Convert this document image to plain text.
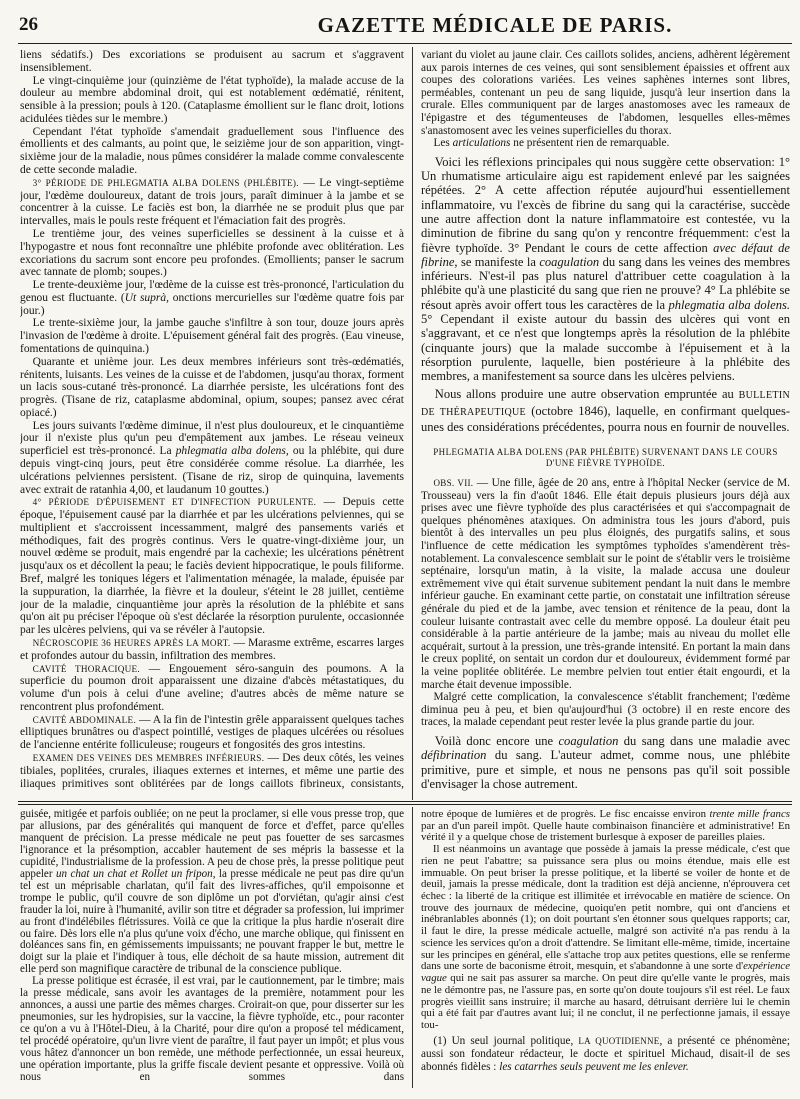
26	GAZETTE MÉDICALE DE PARIS.

liens sédatifs.) Des excoriations se produisent au sacrum et s'aggravent insensiblement.

Le vingt-cinquième jour (quinzième de l'état typhoïde), la malade accuse de la douleur au membre abdominal droit, qui est notablement œdématié, rénitent, sensible à la pression; pouls à 120. (Cataplasme émollient sur le flanc droit, lotions acidulées tièdes sur le membre.)

Cependant l'état typhoïde s'amendait graduellement sous l'influence des émollients et des calmants, au point que, le seizième jour de son apparition, vingt-sixième jour de la maladie, nous pûmes considérer la malade comme convalescente de cette seconde maladie.

3° PÉRIODE DE PHLEGMATIA ALBA DOLENS (PHLÉBITE). — Le vingt-septième jour, l'œdème douloureux, datant de trois jours, paraît diminuer à la jambe et se concentrer à la cuisse. Le faciès est bon, la diarrhée ne se produit plus que par intervalles, mais le pouls reste fréquent et l'émaciation fait des progrès.

Le trentième jour, des veines superficielles se dessinent à la cuisse et à l'hypogastre et nous font reconnaître une phlébite profonde avec oblitération. Les excoriations du sacrum sont encore peu profondes. (Emollients; panser le sacrum avec tannate de plomb; soupes.)

Le trente-deuxième jour, l'œdème de la cuisse est très-prononcé, l'articulation du genou est fluctuante. (Ut suprà, onctions mercurielles sur l'œdème quatre fois par jour.)

Le trente-sixième jour, la jambe gauche s'infiltre à son tour, douze jours après l'invasion de l'œdème à droite. L'épuisement général fait des progrès. (Eau vineuse, fomentations de quinquina.)

Quarante et unième jour. Les deux membres inférieurs sont très-œdématiés, rénitents, luisants. Les veines de la cuisse et de l'abdomen, jusqu'au thorax, forment un lacis sous-cutané très-prononcé. La diarrhée persiste, les ulcérations font des progrès. (Tisane de riz, cataplasme abdominal, opium, soupes; pansez avec cérat opiacé.)

Les jours suivants l'œdème diminue, il n'est plus douloureux, et le cinquantième jour il n'existe plus qu'un peu d'empâtement aux jambes. Le réseau veineux superficiel est très-prononcé. La phlegmatia alba dolens, ou la phlébite, qui dure depuis vingt-cinq jours, peut être considérée comme résolue. La diarrhée, les ulcérations pelviennes persistent. (Tisane de riz, sirop de quinquina, lavements avec extrait de ratanhia 4,00, et laudanum 10 gouttes.)

4° PÉRIODE D'ÉPUISEMENT ET D'INFECTION PURULENTE. — Depuis cette époque, l'épuisement causé par la diarrhée et par les ulcérations pelviennes, qui se multiplient et s'accroissent incessamment, malgré des pansements variés et méthodiques, fait des progrès continus. Vers le quatre-vingt-dixième jour, un nouvel œdème se produit, mais engendré par la cachexie; les ulcérations pénètrent jusqu'aux os et décollent la peau; le faciès devient hippocratique, le pouls filiforme. Bref, malgré les toniques légers et l'alimentation ménagée, la malade, épuisée par la suppuration, la diarrhée, la fièvre et la douleur, s'éteint le 28 juillet, centième jour de la maladie, cinquantième jour après la résolution de la phlébite et sans qu'on ait pu préciser l'époque où s'est déclarée la résorption purulente, occasionnée par les ulcères pelviens, qui va se révéler à l'autopsie.

NÉCROSCOPIE 36 HEURES APRÈS LA MORT. — Marasme extrême, escarres larges et profondes autour du bassin, infiltration des membres.

CAVITÉ THORACIQUE. — Engouement séro-sanguin des poumons. A la superficie du poumon droit apparaissent une dizaine d'abcès métastatiques, du volume d'un pois à celui d'une aveline; d'autres abcès de même nature se rencontrent plus profondément.

CAVITÉ ABDOMINALE. — A la fin de l'intestin grêle apparaissent quelques taches elliptiques brunâtres ou d'aspect pointillé, vestiges de plaques ulcérées ou résolues de l'ancienne entérite folliculeuse; rougeurs et fongosités des gros intestins.

EXAMEN DES VEINES DES MEMBRES INFÉRIEURS. — Des deux côtés, les veines tibiales, poplitées, crurales, iliaques externes et internes, et même une partie des iliaques primitives sont oblitérées par de longs caillots fibrineux, consistants,

variant du violet au jaune clair. Ces caillots solides, anciens, adhèrent légèrement aux parois internes de ces veines, qui sont sensiblement épaissies et offrent aux coupes des colorations variées. Les veines saphènes internes sont libres, perméables, contenant un peu de sang liquide, jusqu'à leur insertion dans la crurale. Elles communiquent par de larges anastomoses avec les rameaux de l'épigastre et des tégumenteuses de l'abdomen, lesquelles elles-mêmes s'anastomosent avec les veines superficielles du thorax.

Les articulations ne présentent rien de remarquable.

Voici les réflexions principales qui nous suggère cette observation: 1° Un rhumatisme articulaire aigu est rapidement enlevé par les saignées répétées. 2° A cette affection réputée aujourd'hui essentiellement inflammatoire, vu l'excès de fibrine du sang qui la caractérise, succède une autre affection dont la nature inflammatoire est contestée, vu la diminution de fibrine du sang qu'on y rencontre fréquemment: c'est la fièvre typhoïde. 3° Pendant le cours de cette affection avec défaut de fibrine, se manifeste la coagulation du sang dans les veines des membres inférieurs. N'est-il pas plus naturel d'attribuer cette coagulation à la phlébite qu'à une plasticité du sang que rien ne prouve? 4° La phlébite se résout après avoir offert tous les caractères de la phlegmatia alba dolens. 5° Cependant il existe autour du bassin des ulcères qui vont en s'aggravant, et ce n'est que longtemps après la résolution de la phlébite (cinquante jours) que la malade succombe à l'épuisement et à la résorption purulente, laquelle, bien postérieure à la phlébite des membres, a manifestement sa source dans les ulcères pelviens.

Nous allons produire une autre observation empruntée au BULLETIN DE THÉRAPEUTIQUE (octobre 1846), laquelle, en confirmant quelques-unes des considérations précédentes, pourra nous en fournir de nouvelles.

PHLEGMATIA ALBA DOLENS (PAR PHLÉBITE) SURVENANT DANS LE COURS D'UNE FIÈVRE TYPHOÏDE.

OBS. VII. — Une fille, âgée de 20 ans, entre à l'hôpital Necker (service de M. Trousseau) vers la fin d'août 1846. Elle était depuis plusieurs jours déjà aux prises avec une fièvre typhoïde des plus caractérisées et qui s'accompagnait de quelques phénomènes ataxiques. On administra tous les jours d'abord, puis bientôt à des intervalles un peu plus éloignés, des purgatifs salins, et sous l'influence de cette médication les symptômes typhoïdes s'amendèrent très-notablement. La convalescence semblait sur le point de s'établir vers le troisième septénaire, lorsqu'un matin, à la visite, la malade accusa une douleur extrêmement vive qui était survenue subitement pendant la nuit dans le membre inférieur gauche. En examinant cette partie, on constatait une infiltration séreuse générale du pied et de la jambe, avec tension et rénitence de la peau, dont la couleur luisante contrastait avec celle du membre opposé. La douleur était peu considérable à la partie antérieure de la jambe; mais au niveau du mollet elle acquérait, surtout à la pression, une très-grande intensité. En portant la main dans le creux poplité, on sentait un cordon dur et douloureux, évidemment formé par la veine poplitée oblitérée. Le membre pelvien tout entier était engourdi, et la marche était devenue impossible.

Malgré cette complication, la convalescence s'établit franchement; l'œdème diminua peu à peu, et bien qu'aujourd'hui (3 octobre) il en reste encore des traces, la malade cependant peut rester levée la plus grande partie du jour.

Voilà donc encore une coagulation du sang dans une maladie avec défibrination du sang. L'auteur admet, comme nous, une phlébite primitive, pure et simple, et nous ne pensons pas qu'il soit possible d'envisager la chose autrement.

guisée, mitigée et parfois oubliée; on ne peut la proclamer, si elle vous presse trop, que par allusions, par des généralités qui manquent de force et d'effet, parce qu'elles manquent de précision. La presse médicale ne peut pas fouetter de ses sarcasmes l'ignorance et la présomption, accabler hautement de ses mépris la bassesse et la cupidité, l'industrialisme de la profession. A peu de chose près, la presse politique peut appeler un chat un chat et Rollet un fripon, la presse médicale ne peut pas dire qu'un tel est un méprisable charlatan, qu'il fait des livres-affiches, qu'il empoisonne et trompe le public, qu'il couvre de son diplôme un pot d'orviétan, qu'agir ainsi c'est frauder la loi, nuire à l'humanité, avilir son titre et dégrader sa profession, lui imprimer au front d'indélébiles flétrissures. Voilà ce que la critique la plus hardie n'oserait dire ou faire. Dès lors elle n'a plus qu'une voix d'écho, une marche oblique, qui finissent en doléances sans fin, en gémissements impuissants; ne pouvant frapper le but, mettre le doigt sur la plaie et l'indiquer à tous, elle déchoit de sa haute mission, autrement dit elle perd son magnifique caractère de tribunal de la conscience publique.

La presse politique est écrasée, il est vrai, par le cautionnement, par le timbre; mais la presse médicale, sans avoir les avantages de la première, notamment pour les annonces, a aussi une partie des mêmes charges. Croirait-on que, pour disserter sur les pneumonies, sur les hydropisies, sur la vaccine, la fièvre typhoïde, etc., pour raconter ce qu'on a vu à l'Hôtel-Dieu, à la Charité, pour dire qu'on a proposé tel médicament, tel procédé opératoire, qu'un livre vient de paraître, il faut payer un impôt; et plus vous vous hâtez d'annoncer un bon remède, une méthode perfectionnée, un essai heureux, une opération importante, plus la griffe fiscale devient pesante et oppressive. Voilà où nous en sommes dans

notre époque de lumières et de progrès. Le fisc encaisse environ trente mille francs par an d'un pareil impôt. Quelle haute combinaison financière et administrative! En vérité il y a quelque chose de tristement burlesque à exposer de pareilles plaies.

Il est néanmoins un avantage que possède à jamais la presse médicale, c'est que rien ne peut l'abattre; sa puissance sera plus ou moins étendue, mais elle est immuable. On peut briser la presse politique, et la liberté se voiler de honte et de deuil, jamais la presse médicale, dont la tradition est déjà ancienne, n'éprouvera cet échec : la liberté de la critique est illimitée et irrévocable en matière de science. On trouve des journaux de médecine, quoiqu'en petit nombre, qui ont d'anciens et inébranlables abonnés (1); on doit pourtant s'en étonner sous quelques rapports; car, il faut le dire, la presse médicale actuelle, malgré son activité n'a pas rendu à la science les services qu'on a droit d'attendre. Se limitant elle-même, timide, incertaine sur les principes en général, elle s'attache trop aux petites questions, elle se renferme dans une sorte de baconisme étroit, mesquin, et s'abandonne à une sorte d'expérience vague qui ne sait pas assurer sa marche. On peut dire qu'elle vante le progrès, mais ne le démontre pas, ne l'assure pas, en sorte qu'on doute toujours s'il est réel. Le faux progrès vieillit sans instruire; il marche au hasard, détruisant derrière lui le chemin qui a été fait par d'autres avant lui; il ne conclut, il ne perfectionne jamais, il essaye tou-

(1) Un seul journal politique, LA QUOTIDIENNE, a présenté ce phénomène; aussi son fondateur rédacteur, le docte et spirituel Michaud, disait-il de ses abonnés fidèles : les catarrhes seuls peuvent me les enlever.
